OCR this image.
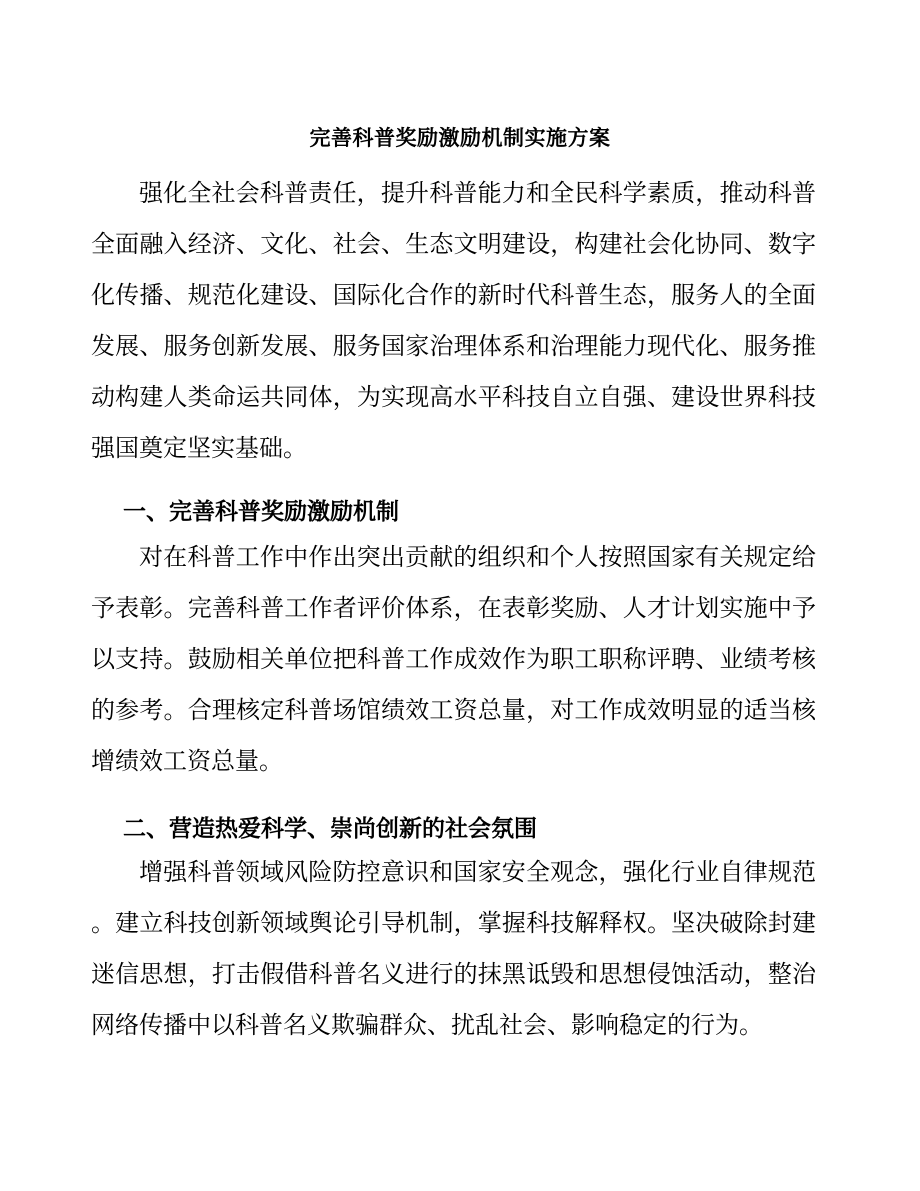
完善科普奖励激励机制实施方案
强化全社会科普责任，提升科普能力和全民科学素质，推动科普
全面融入经济、文化、社会、生态文明建设，构建社会化协同、数字
化传播、规范化建设、国际化合作的新时代科普生态，服务人的全面
发展、服务创新发展、服务国家治理体系和治理能力现代化、服务推
动构建人类命运共同体，为实现高水平科技自立自强、建设世界科技
强国奠定坚实基础。
一、完善科普奖励激励机制
对在科普工作中作出突出贡献的组织和个人按照国家有关规定给
予表彰。完善科普工作者评价体系，在表彰奖励、人才计划实施中予
以支持。鼓励相关单位把科普工作成效作为职工职称评聘、业绩考核
的参考。合理核定科普场馆绩效工资总量，对工作成效明显的适当核
增绩效工资总量。
二、营造热爱科学、崇尚创新的社会氛围
增强科普领域风险防控意识和国家安全观念，强化行业自律规范
。建立科技创新领域舆论引导机制，掌握科技解释权。坚决破除封建
迷信思想，打击假借科普名义进行的抹黑诋毁和思想侵蚀活动，整治
网络传播中以科普名义欺骗群众、扰乱社会、影响稳定的行为。
